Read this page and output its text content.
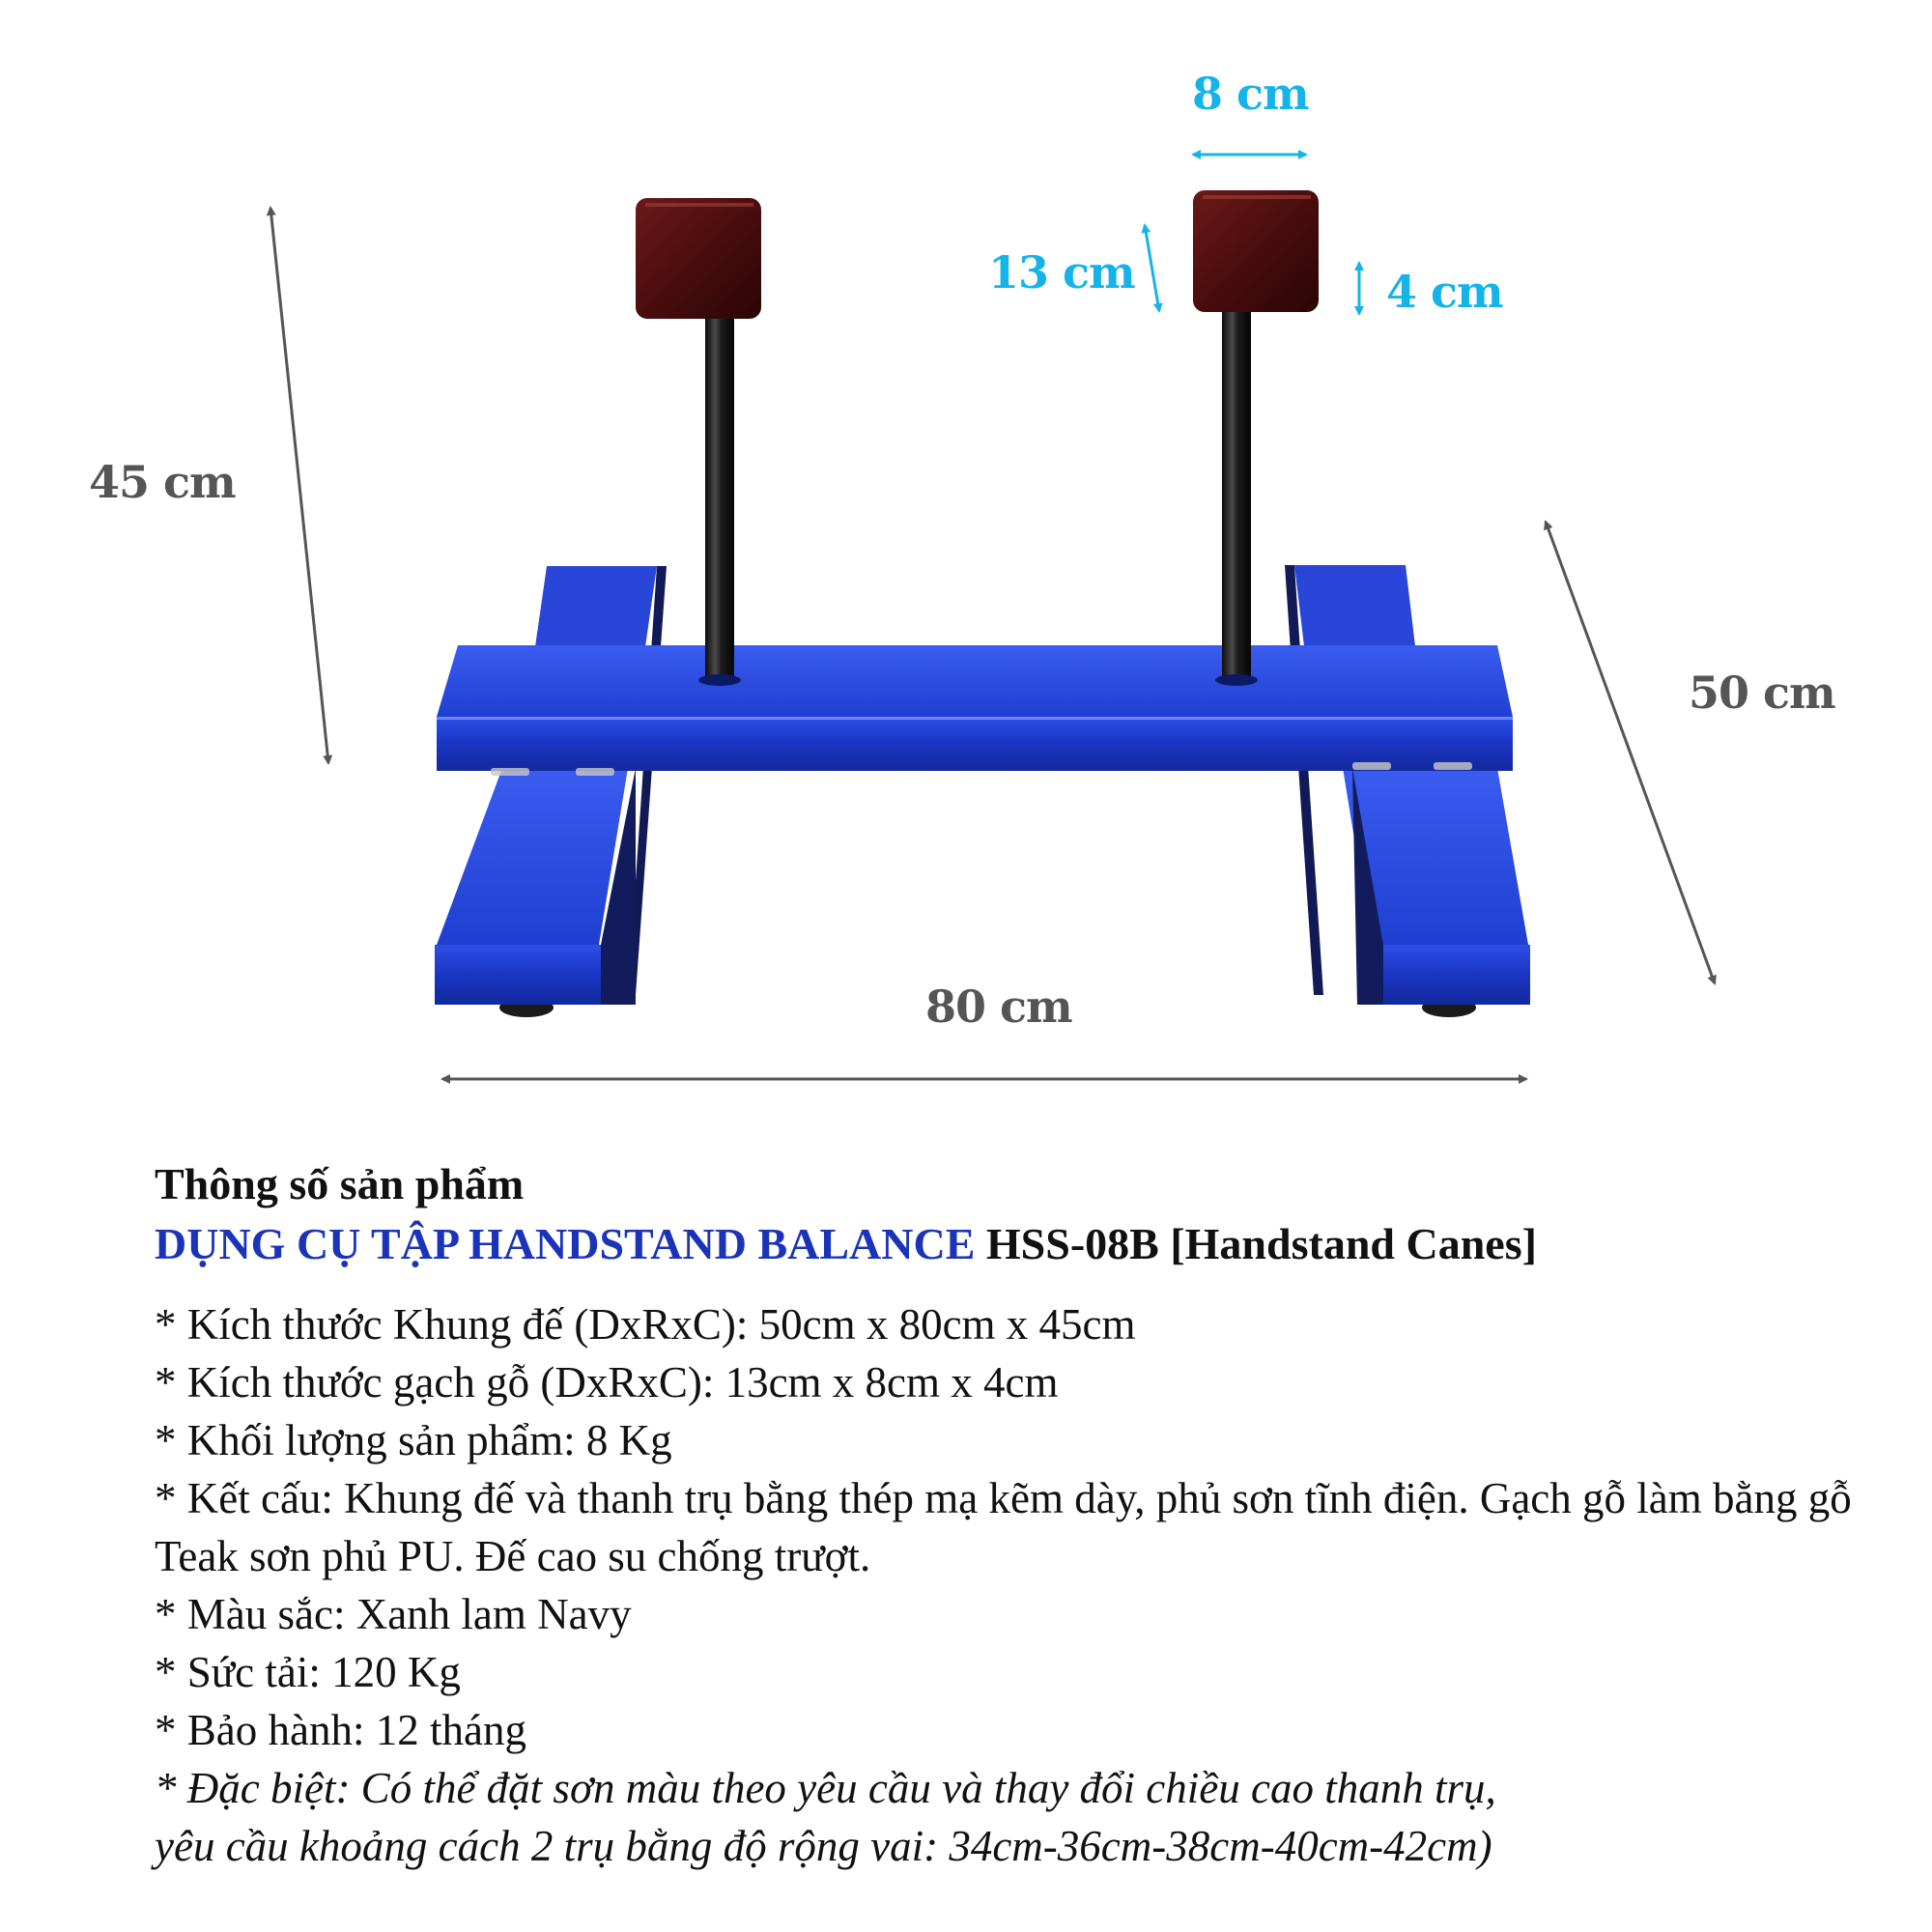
45 cm
8 cm
13 cm	4 cm
50 cm
80 cm
Thông số sản phẩm
DỤNG CỤ TẬP HANDSTAND BALANCE HSS-08B [Handstand Canes]
* Kích thước Khung đế (DxRxC): 50cm x 80cm x 45cm
* Kích thước gạch gỗ (DxRxC): 13cm x 8cm x 4cm
* Khối lượng sản phẩm: 8 Kg
* Kết cấu: Khung đế và thanh trụ bằng thép mạ kẽm dày, phủ sơn tĩnh điện. Gạch gỗ làm bằng gỗ Teak sơn phủ PU. Đế cao su chống trượt.
* Màu sắc: Xanh lam Navy
* Sức tải: 120 Kg
* Bảo hành: 12 tháng
* Đặc biệt: Có thể đặt sơn màu theo yêu cầu và thay đổi chiều cao thanh trụ,
yêu cầu khoảng cách 2 trụ bằng độ rộng vai: 34cm-36cm-38cm-40cm-42cm)
